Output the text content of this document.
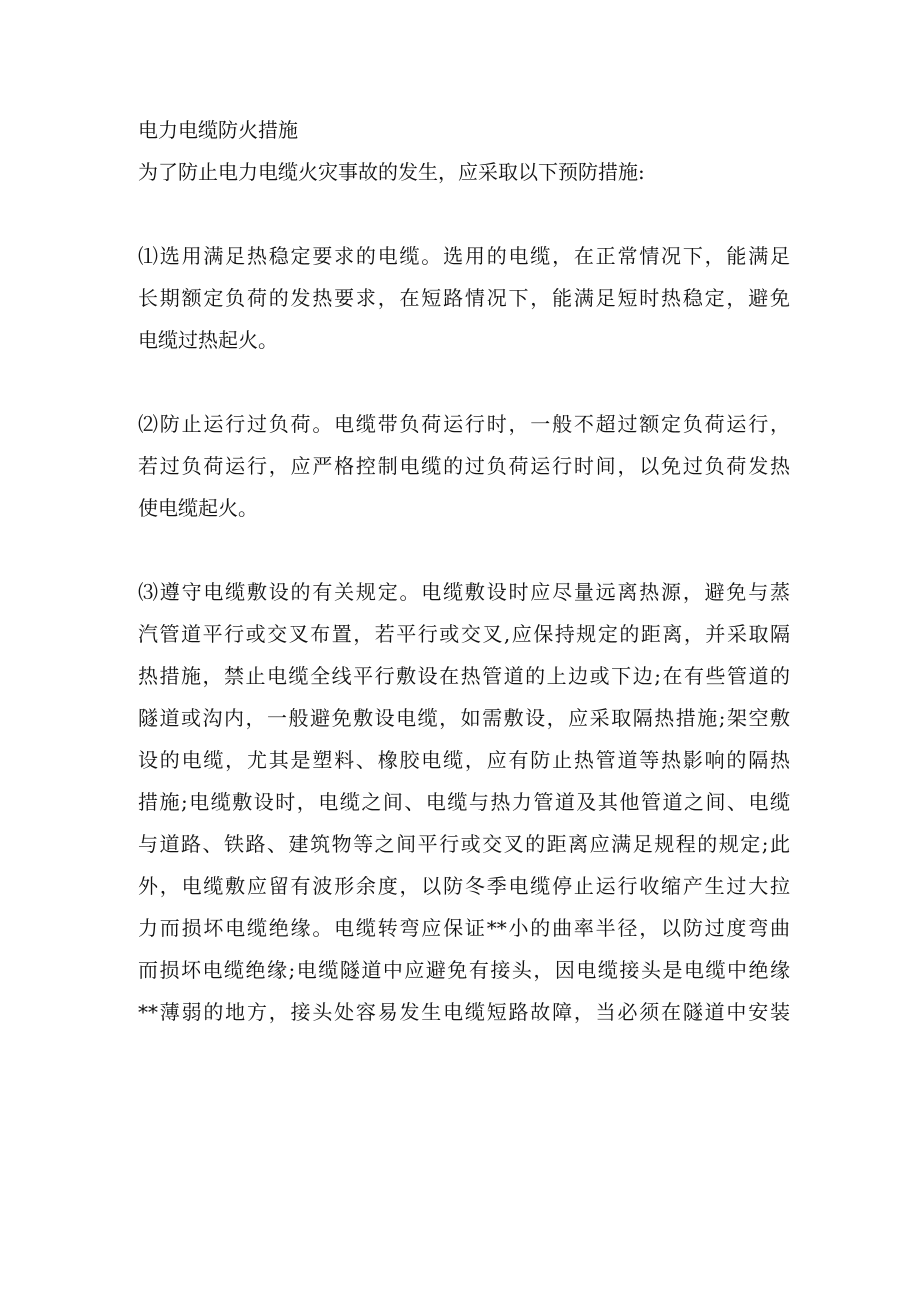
电力电缆防火措施
为了防止电力电缆火灾事故的发生，应采取以下预防措施:
⑴选用满足热稳定要求的电缆。选用的电缆，在正常情况下，能满足
长期额定负荷的发热要求，在短路情况下，能满足短时热稳定，避免
电缆过热起火。
⑵防止运行过负荷。电缆带负荷运行时，一般不超过额定负荷运行，
若过负荷运行，应严格控制电缆的过负荷运行时间，以免过负荷发热
使电缆起火。
⑶遵守电缆敷设的有关规定。电缆敷设时应尽量远离热源，避免与蒸
汽管道平行或交叉布置，若平行或交叉,应保持规定的距离，并采取隔
热措施，禁止电缆全线平行敷设在热管道的上边或下边;在有些管道的
隧道或沟内，一般避免敷设电缆，如需敷设，应采取隔热措施;架空敷
设的电缆，尤其是塑料、橡胶电缆，应有防止热管道等热影响的隔热
措施;电缆敷设时，电缆之间、电缆与热力管道及其他管道之间、电缆
与道路、铁路、建筑物等之间平行或交叉的距离应满足规程的规定;此
外，电缆敷应留有波形余度，以防冬季电缆停止运行收缩产生过大拉
力而损坏电缆绝缘。电缆转弯应保证**小的曲率半径，以防过度弯曲
而损坏电缆绝缘;电缆隧道中应避免有接头，因电缆接头是电缆中绝缘
**薄弱的地方，接头处容易发生电缆短路故障，当必须在隧道中安装
